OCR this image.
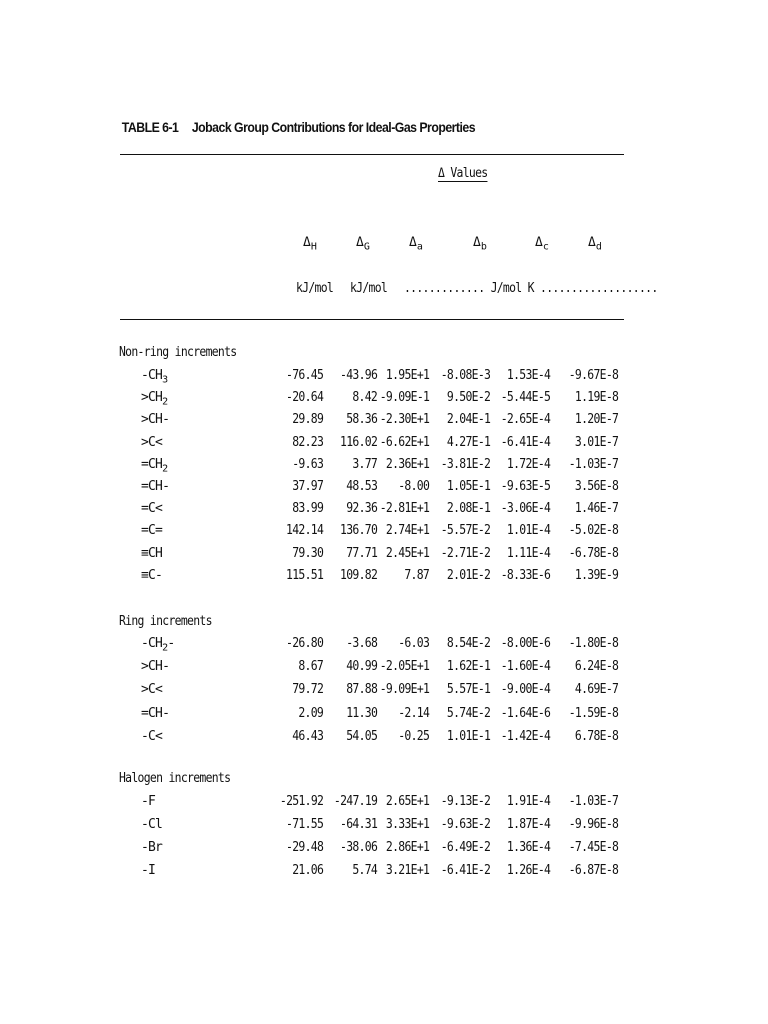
TABLE 6-1 Joback Group Contributions for Ideal-Gas Properties
Δ Values
$\Delta_H$	$\Delta_G$	$\Delta_a$	$\Delta_b$	$\Delta_c$	$\Delta_d$
kJ/mol kJ/mol ............. J/mol K ...................
Non-ring increments
$-CH_3$	-76.45 -43.96 1.95E+1 -8.08E-3 1.53E-4 -9.67E-8
$>CH_2$	-20.64 8.42 -9.09E-1 9.50E-2 -5.44E-5 1.19E-8
>CH-	29.89 58.36 -2.30E+1 2.04E-1 -2.65E-4 1.20E-7
>C<	82.23 116.02 -6.62E+1 4.27E-1 -6.41E-4 3.01E-7
$=CH_2$	-9.63 3.77 2.36E+1 -3.81E-2 1.72E-4 -1.03E-7
=CH-	37.97 48.53 -8.00 1.05E-1 -9.63E-5 3.56E-8
=C<	83.99 92.36 -2.81E+1 2.08E-1 -3.06E-4 1.46E-7
=C=	142.14 136.70 2.74E+1 -5.57E-2 1.01E-4 -5.02E-8
≡CH	79.30 77.71 2.45E+1 -2.71E-2 1.11E-4 -6.78E-8
≡C-	115.51 109.82 7.87 2.01E-2 -8.33E-6 1.39E-9
Ring increments
$-CH_2-$	-26.80 -3.68 -6.03 8.54E-2 -8.00E-6 -1.80E-8
>CH-	8.67 40.99 -2.05E+1 1.62E-1 -1.60E-4 6.24E-8
>C<	79.72 87.88 -9.09E+1 5.57E-1 -9.00E-4 4.69E-7
=CH-	2.09 11.30 -2.14 5.74E-2 -1.64E-6 -1.59E-8
-C<	46.43 54.05 -0.25 1.01E-1 -1.42E-4 6.78E-8
Halogen increments
-F	-251.92 -247.19 2.65E+1 -9.13E-2 1.91E-4 -1.03E-7
-Cl	-71.55 -64.31 3.33E+1 -9.63E-2 1.87E-4 -9.96E-8
-Br	-29.48 -38.06 2.86E+1 -6.49E-2 1.36E-4 -7.45E-8
-I	21.06 5.74 3.21E+1 -6.41E-2 1.26E-4 -6.87E-8
